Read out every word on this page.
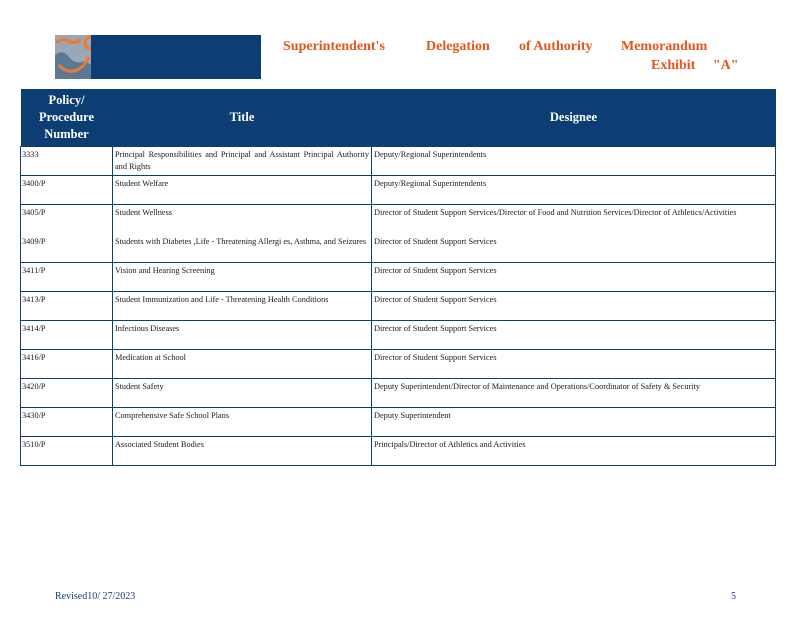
Superintendent's	Delegation of Authority Memorandum
Exhibit "A"
Policy/ Procedure Number	Title	Designee
3333	Principal Responsibilities and Principal and Assistant Principal Authority and Rights	Deputy/Regional Superintendents
3400/P	Student Welfare	Deputy/Regional Superintendents
3405/P	Student Wellness	Director of Student Support Services/Director of Food and Nutrition Services/Director of Athletics/Activities
3409/P	Students with Diabetes ,Life - Threatening Allergi es, Asthma, and Seizures	Director of Student Support Services
3411/P	Vision and Hearing Screening	Director of Student Support Services
3413/P	Student Immunization and Life - Threatening Health Conditions	Director of Student Support Services
3414/P	Infectious Diseases	Director of Student Support Services
3416/P	Medication at School	Director of Student Support Services
3420/P	Student Safety	Deputy Superintendent/Director of Maintenance and Operations/Coordinator of Safety & Security
3430/P	Comprehensive Safe School Plans	Deputy Superintendent
3510/P	Associated Student Bodies	Principals/Director of Athletics and Activities
Revised10/ 27/2023	5
